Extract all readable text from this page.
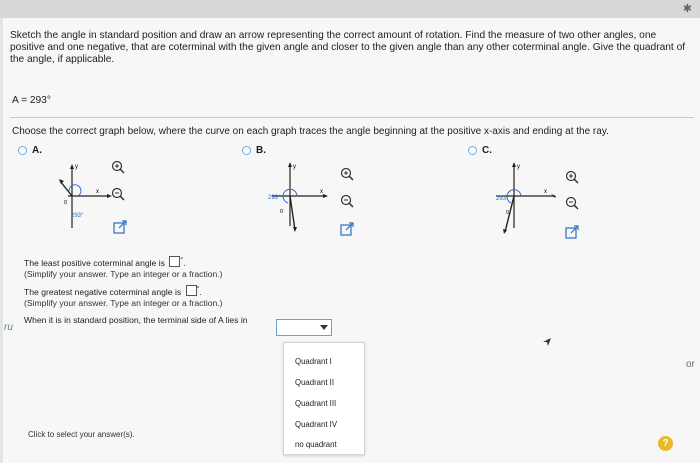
✱
Sketch the angle in standard position and draw an arrow representing the correct amount of rotation. Find the measure of two other angles, one positive and one negative, that are coterminal with the given angle and closer to the given angle than any other coterminal angle. Give the quadrant of the angle, if applicable.
A = 293°
Choose the correct graph below, where the curve on each graph traces the angle beginning at the positive x-axis and ending at the ray.
A.	B.	C.
y
x
0
293°
y
x
0
293°
y
x
0
293°
The least positive coterminal angle is °.
(Simplify your answer. Type an integer or a fraction.)
The greatest negative coterminal angle is °.
(Simplify your answer. Type an integer or a fraction.)
When it is in standard position, the terminal side of A lies in
Quadrant I
Quadrant II
Quadrant III
Quadrant IV
no quadrant
Click to select your answer(s).
?
ru
or
